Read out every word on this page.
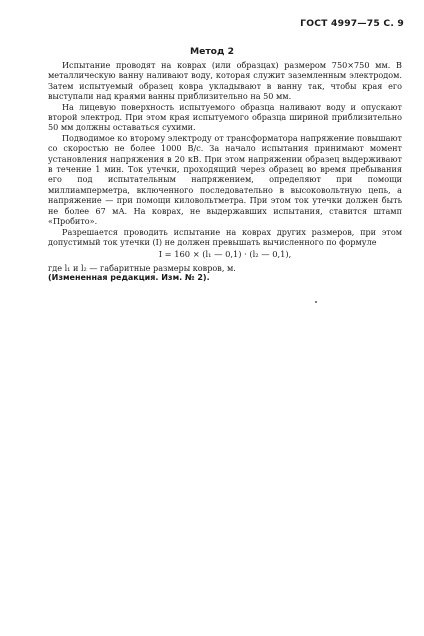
ГОСТ 4997—75 С. 9
Метод 2

Испытание проводят на коврах (или образцах) размером 750×750 мм. В металлическую ванну наливают воду, которая служит заземленным электродом. Затем испытуемый образец ковра укладывают в ванну так, чтобы края его выступали над краями ванны приблизительно на 50 мм.

На лицевую поверхность испытуемого образца наливают воду и опускают второй электрод. При этом края испытуемого образца шириной приблизительно 50 мм должны оставаться сухими.

Подводимое ко второму электроду от трансформатора напряжение повышают со скоростью не более 1000 В/с. За начало испытания принимают момент установления напряжения в 20 кВ. При этом напряжении образец выдерживают в течение 1 мин. Ток утечки, проходящий через образец во время пребывания его под испытательным напряжением, определяют при помощи миллиамперметра, включенного последовательно в высоковольтную цепь, а напряжение — при помощи киловольтметра. При этом ток утечки должен быть не более 67 мА. На коврах, не выдержавших испытания, ставится штамп «Пробито».

Разрешается проводить испытание на коврах других размеров, при этом допустимый ток утечки (I) не должен превышать вычисленного по формуле

I = 160 × (l₁ — 0,1) · (l₂ — 0,1),
где l₁ и l₂ — габаритные размеры ковров, м.
(Измененная редакция. Изм. № 2).
